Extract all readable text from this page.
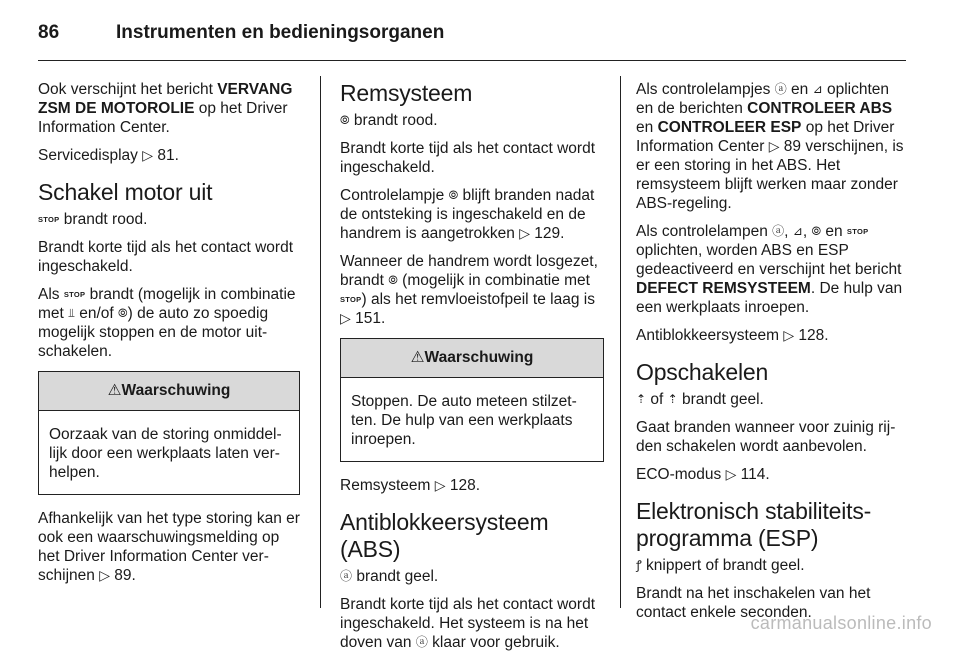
86	Instrumenten en bedieningsorganen

Ook verschijnt het bericht VERVANG ZSM DE MOTOROLIE op het Driver Information Center.

Servicedisplay ▷ 81.

Schakel motor uit

STOP brandt rood.

Brandt korte tijd als het contact wordt ingeschakeld.

Als STOP brandt (mogelijk in combinatie met ⫫ en/of ⦾) de auto zo spoedig mogelijk stoppen en de motor uitschakelen.

⚠Waarschuwing

Oorzaak van de storing onmiddellijk door een werkplaats laten verhelpen.

Afhankelijk van het type storing kan er ook een waarschuwingsmelding op het Driver Information Center verschijnen ▷ 89.

Remsysteem

⦾ brandt rood.

Brandt korte tijd als het contact wordt ingeschakeld.

Controlelampje ⦾ blijft branden nadat de ontsteking is ingeschakeld en de handrem is aangetrokken ▷ 129.

Wanneer de handrem wordt losgezet, brandt ⦾ (mogelijk in combinatie met STOP) als het remvloeistofpeil te laag is ▷ 151.

⚠Waarschuwing

Stoppen. De auto meteen stilzetten. De hulp van een werkplaats inroepen.

Remsysteem ▷ 128.

Antiblokkeersysteem (ABS)

ⓐ brandt geel.

Brandt korte tijd als het contact wordt ingeschakeld. Het systeem is na het doven van ⓐ klaar voor gebruik.

Als controlelampjes ⓐ en ⊿ oplichten en de berichten CONTROLEER ABS en CONTROLEER ESP op het Driver Information Center ▷ 89 verschijnen, is er een storing in het ABS. Het remsysteem blijft werken maar zonder ABS-regeling.

Als controlelampen ⓐ, ⊿, ⦾ en STOP oplichten, worden ABS en ESP gedeactiveerd en verschijnt het bericht DEFECT REMSYSTEEM. De hulp van een werkplaats inroepen.

Antiblokkeersysteem ▷ 128.

Opschakelen

⇡ of ⇡ brandt geel.

Gaat branden wanneer voor zuinig rijden schakelen wordt aanbevolen.

ECO-modus ▷ 114.

Elektronisch stabiliteitsprogramma (ESP)

ꝭ knippert of brandt geel.

Brandt na het inschakelen van het contact enkele seconden.

carmanualsonline.info
